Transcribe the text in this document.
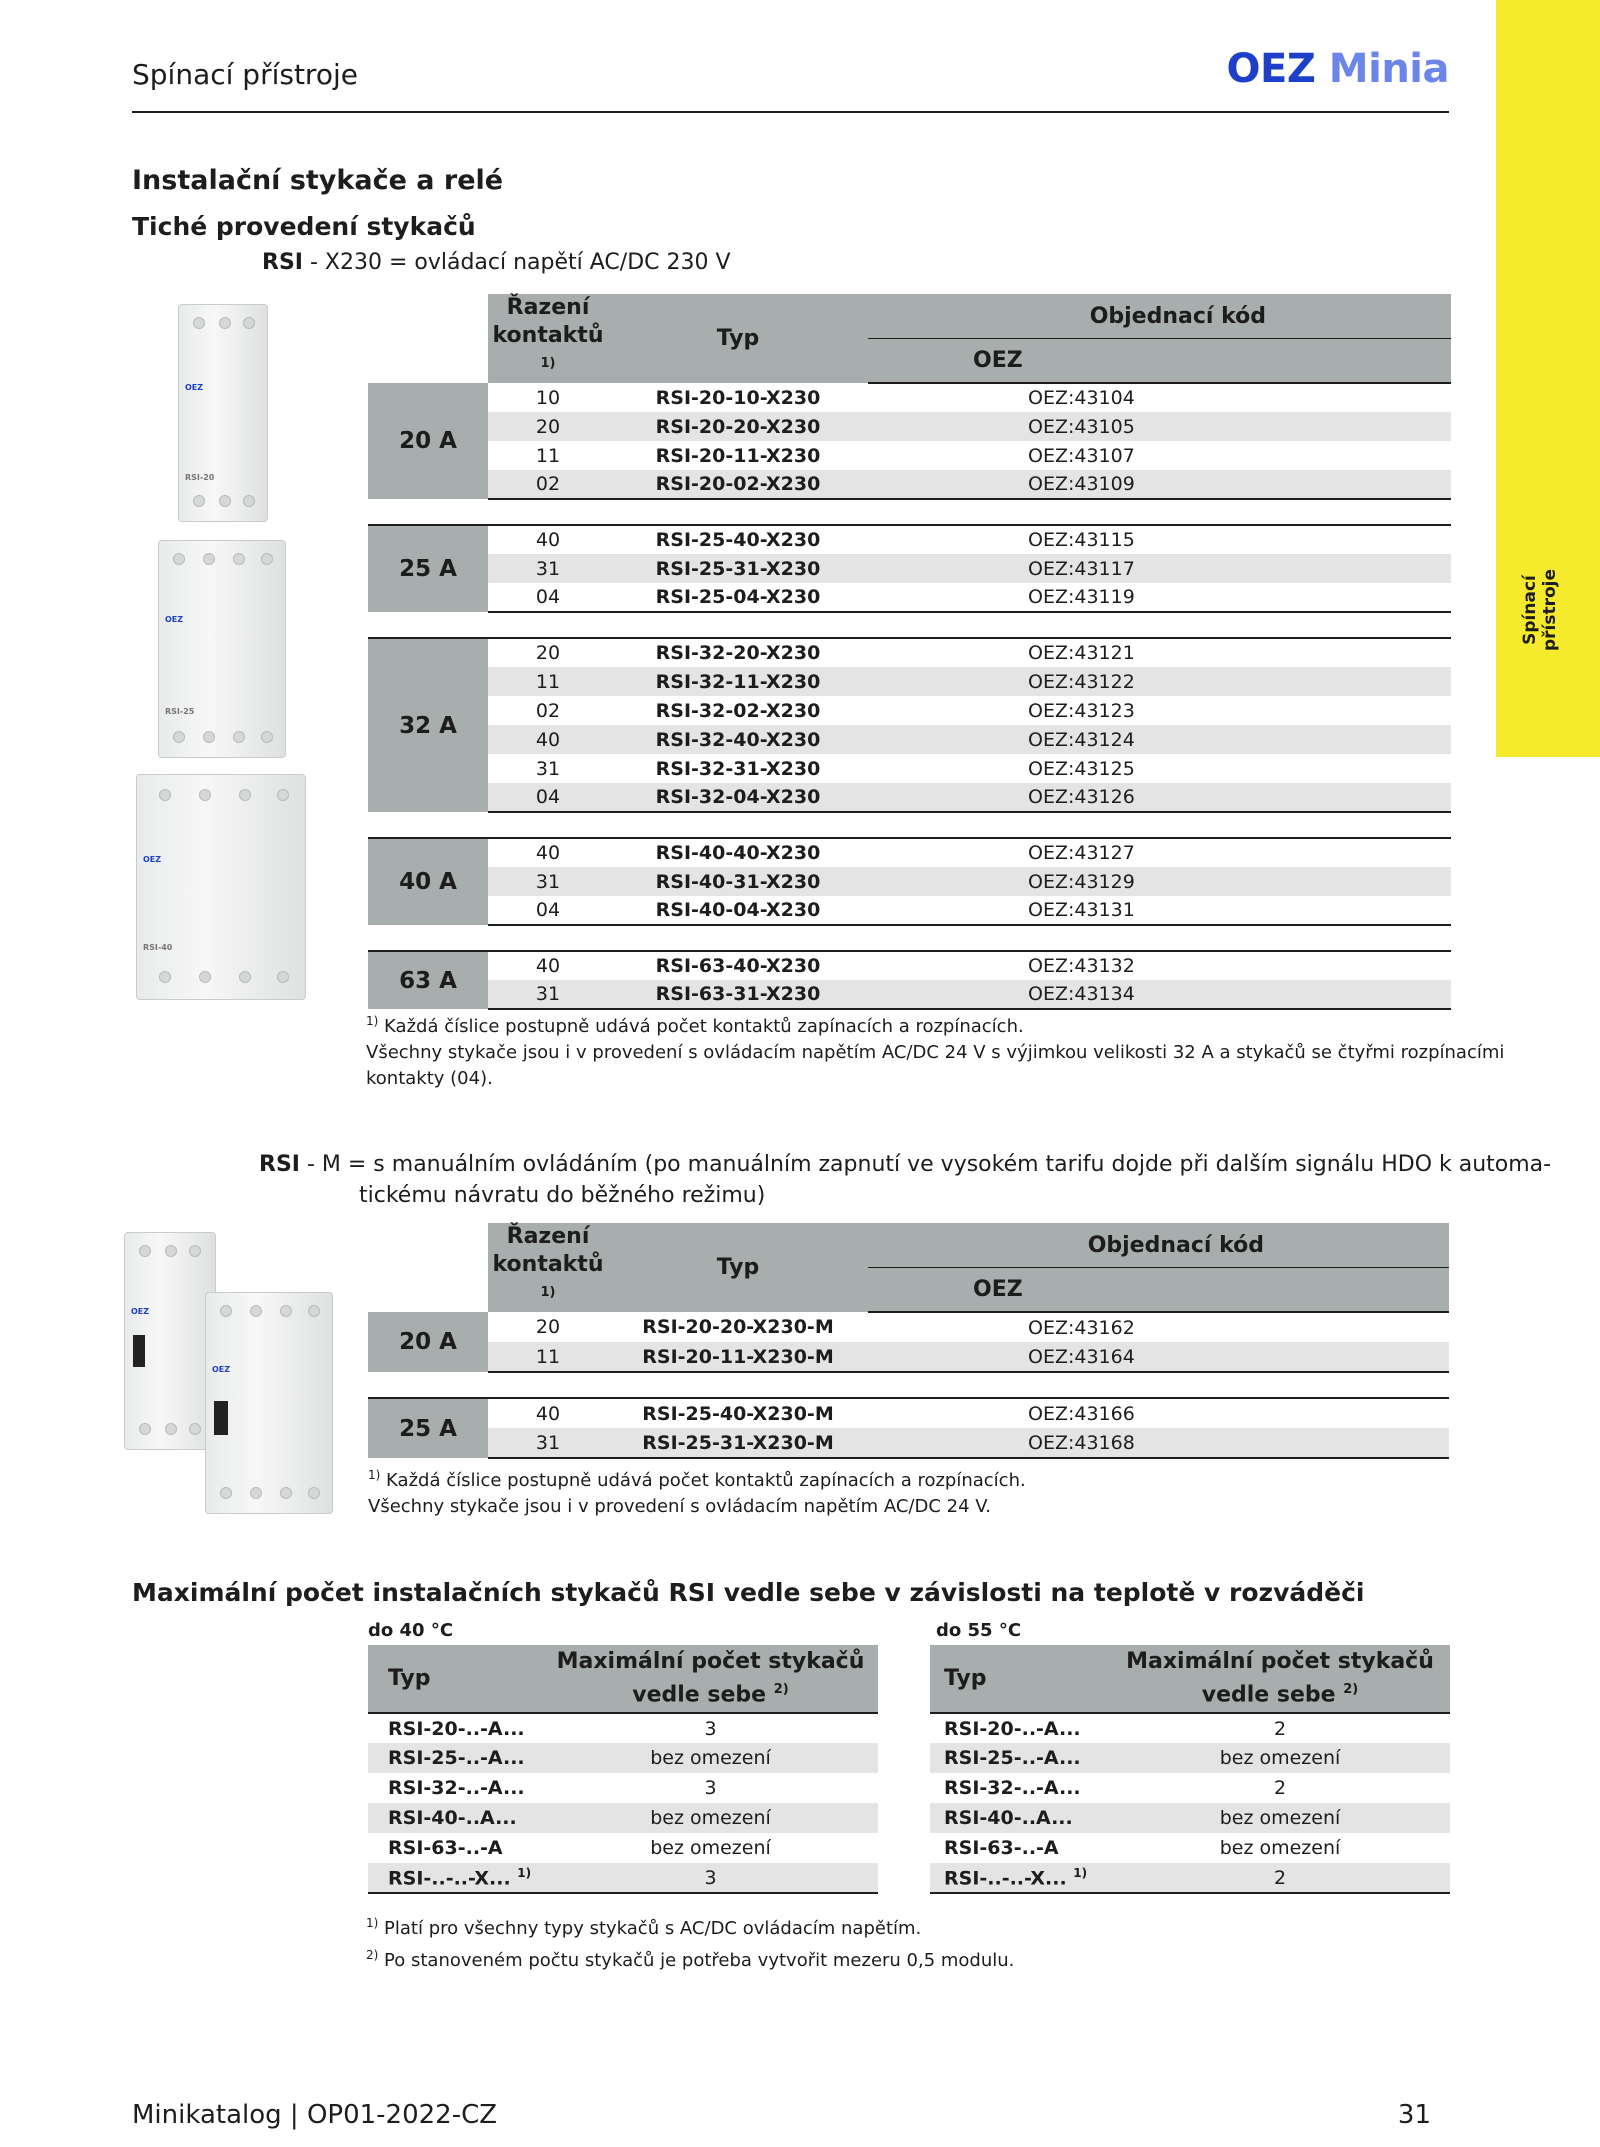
Spínací přístroje	OEZ Minia
Spínací přístroje
Instalační stykače a relé
Tiché provedení stykačů
RSI - X230 = ovládací napětí AC/DC 230 V
OEZ
RSI-20
OEZ
RSI-25
OEZ
RSI-40
	Řazení
kontaktů $^{1)}$	Typ	Objednací kód	
			OEZ	
20 A	10	RSI-20-10-X230		OEZ:43104
	20	RSI-20-20-X230		OEZ:43105
	11	RSI-20-11-X230		OEZ:43107
	02	RSI-20-02-X230		OEZ:43109

25 A	40	RSI-25-40-X230		OEZ:43115
	31	RSI-25-31-X230		OEZ:43117
	04	RSI-25-04-X230		OEZ:43119

32 A	20	RSI-32-20-X230		OEZ:43121
	11	RSI-32-11-X230		OEZ:43122
	02	RSI-32-02-X230		OEZ:43123
	40	RSI-32-40-X230		OEZ:43124
	31	RSI-32-31-X230		OEZ:43125
	04	RSI-32-04-X230		OEZ:43126

40 A	40	RSI-40-40-X230		OEZ:43127
	31	RSI-40-31-X230		OEZ:43129
	04	RSI-40-04-X230		OEZ:43131

63 A	40	RSI-63-40-X230		OEZ:43132
	31	RSI-63-31-X230		OEZ:43134
$^{1)}$ Každá číslice postupně udává počet kontaktů zapínacích a rozpínacích.
Všechny stykače jsou i v provedení s ovládacím napětím AC/DC 24 V s výjimkou velikosti 32 A a stykačů se čtyřmi rozpínacími
kontakty (04).
RSI - M = s manuálním ovládáním (po manuálním zapnutí ve vysokém tarifu dojde při dalším signálu HDO k automa-
tickému návratu do běžného režimu)
OEZ
OEZ
	Řazení
kontaktů $^{1)}$	Typ	Objednací kód	
			OEZ	
20 A	20	RSI-20-20-X230-M		OEZ:43162
	11	RSI-20-11-X230-M		OEZ:43164

25 A	40	RSI-25-40-X230-M		OEZ:43166
	31	RSI-25-31-X230-M		OEZ:43168
$^{1)}$ Každá číslice postupně udává počet kontaktů zapínacích a rozpínacích.
Všechny stykače jsou i v provedení s ovládacím napětím AC/DC 24 V.
Maximální počet instalačních stykačů RSI vedle sebe v závislosti na teplotě v rozváděči
do 40 °C	do 55 °C
Typ	Maximální počet stykačů
vedle sebe $^{2)}$
RSI-20-..-A...	3
RSI-25-..-A...	bez omezení
RSI-32-..-A...	3
RSI-40-..A...	bez omezení
RSI-63-..-A	bez omezení
RSI-..-..-X... $^{1)}$	3
Typ	Maximální počet stykačů
vedle sebe $^{2)}$
RSI-20-..-A...	2
RSI-25-..-A...	bez omezení
RSI-32-..-A...	2
RSI-40-..A...	bez omezení
RSI-63-..-A	bez omezení
RSI-..-..-X... $^{1)}$	2
$^{1)}$ Platí pro všechny typy stykačů s AC/DC ovládacím napětím.
$^{2)}$ Po stanoveném počtu stykačů je potřeba vytvořit mezeru 0,5 modulu.
Minikatalog | OP01-2022-CZ	31
